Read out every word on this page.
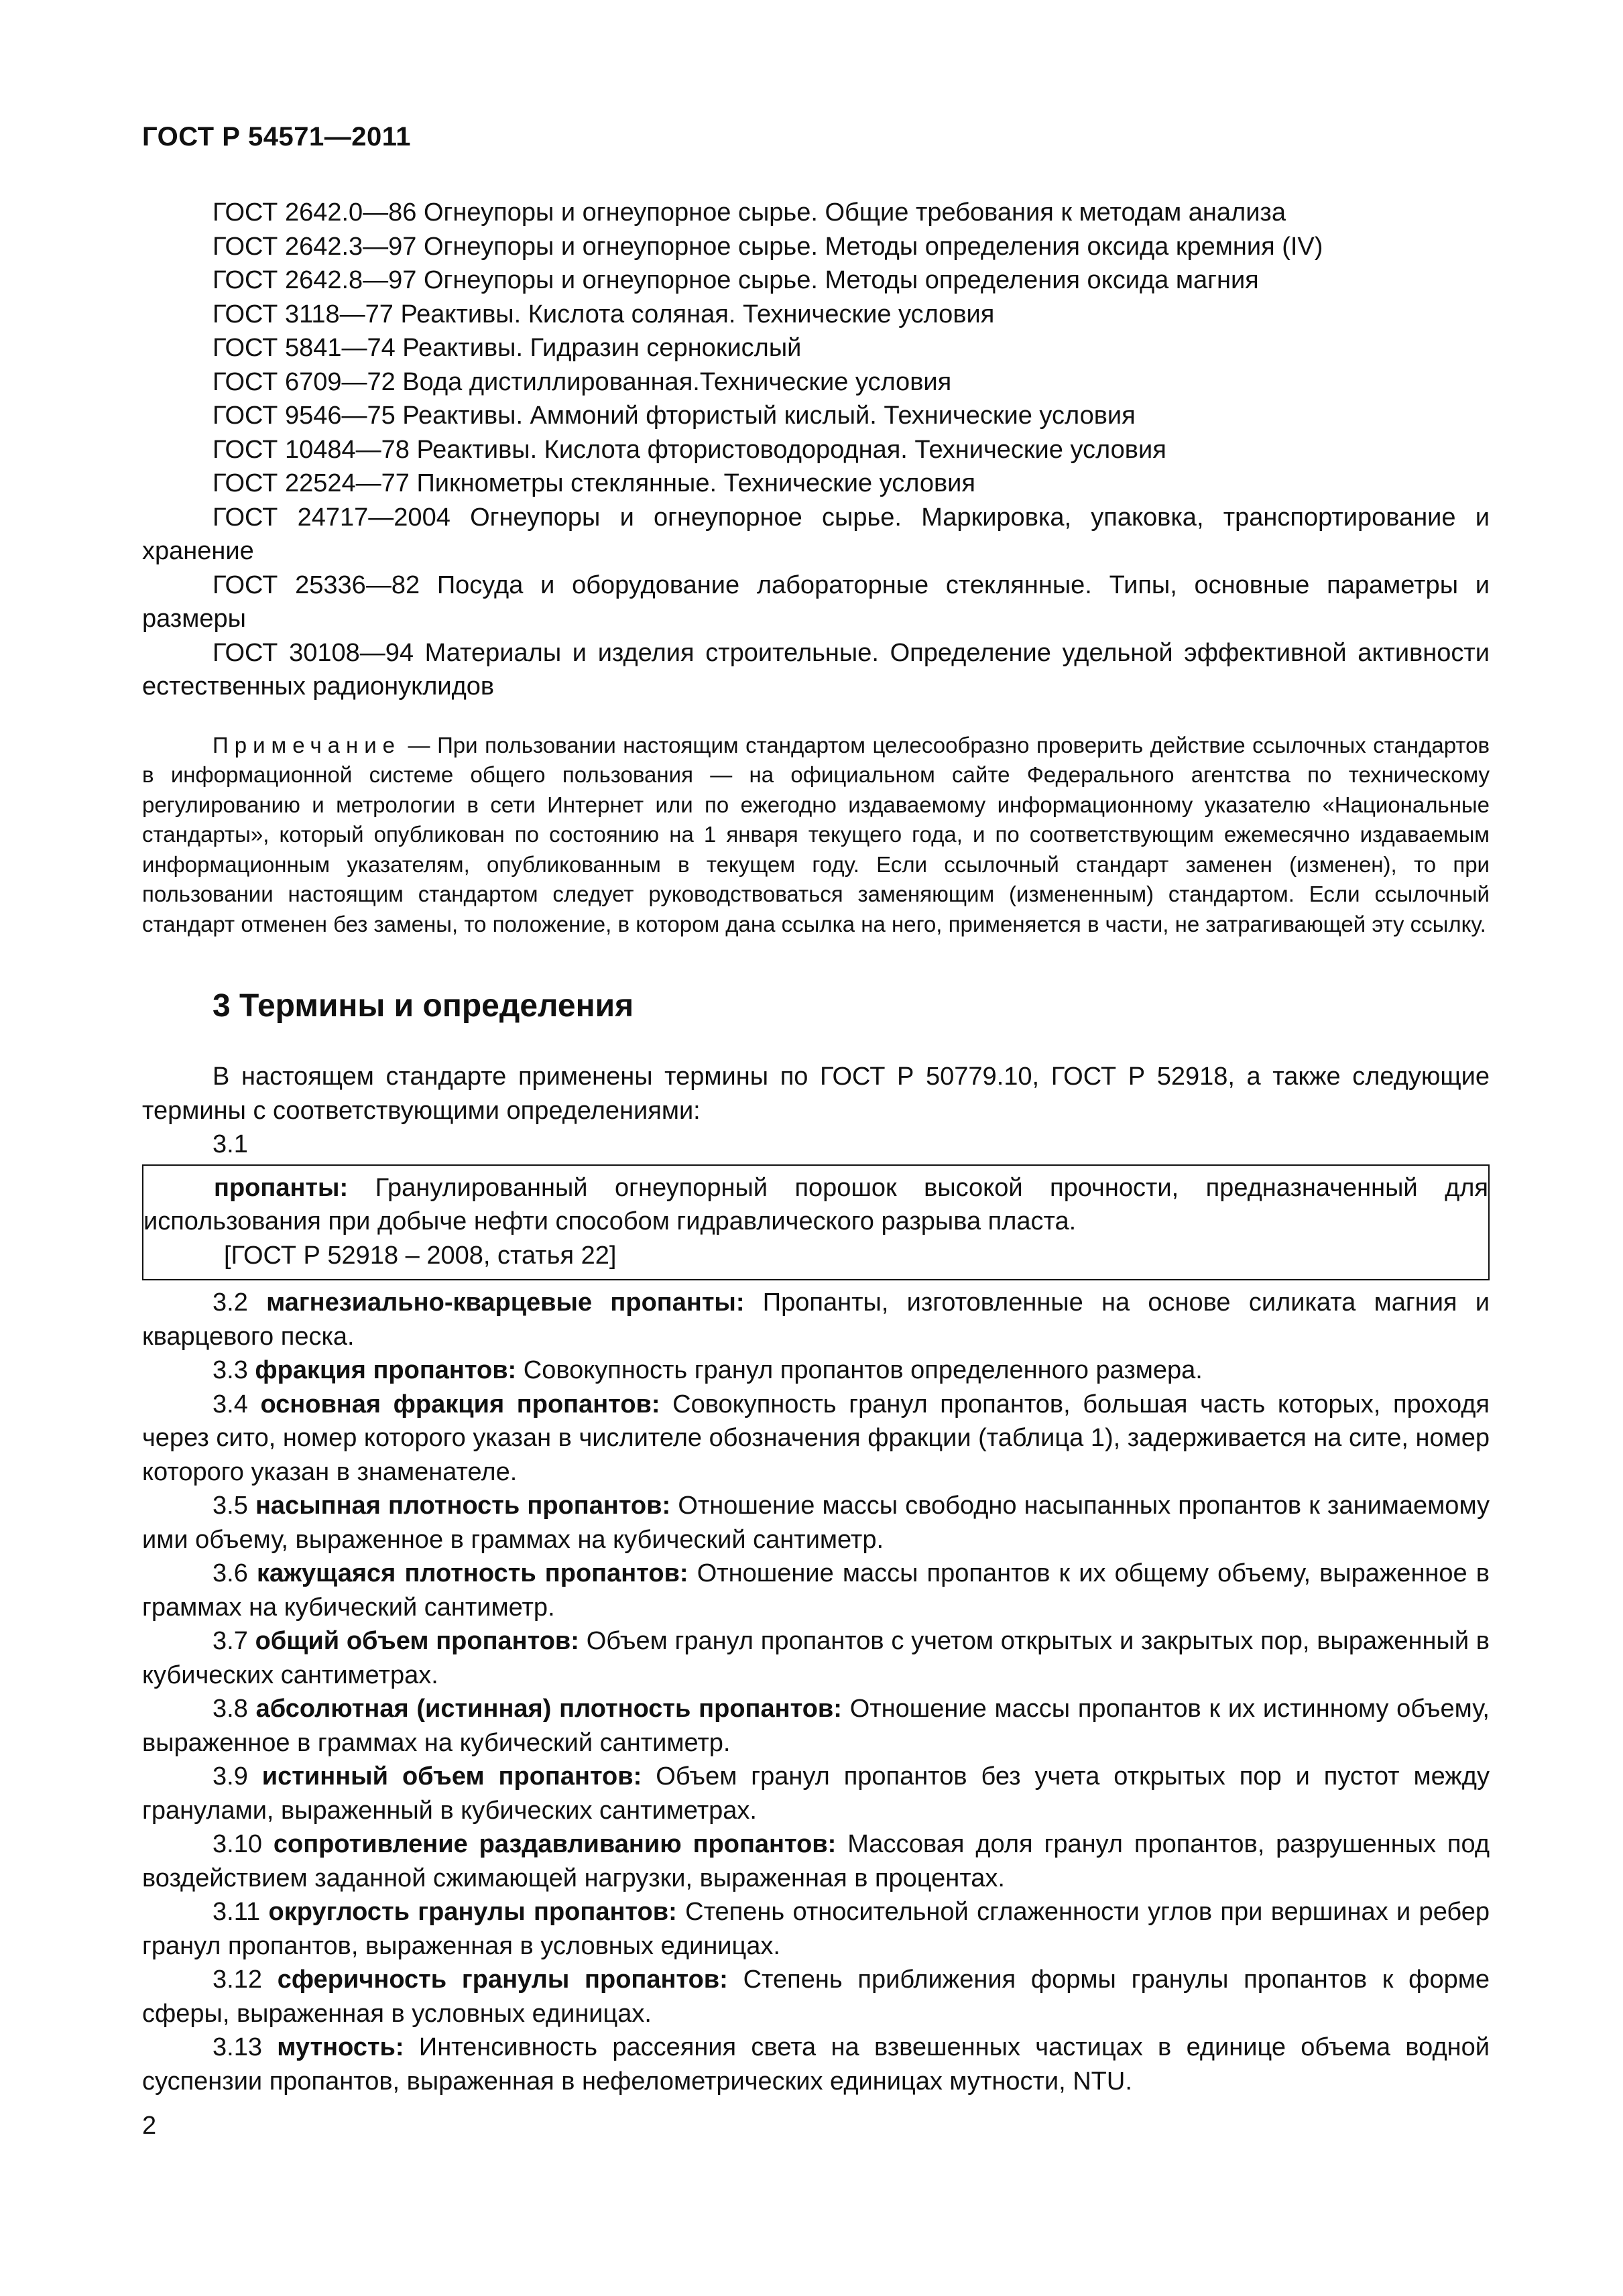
ГОСТ Р 54571—2011

ГОСТ 2642.0—86 Огнеупоры и огнеупорное сырье. Общие требования к методам анализа

ГОСТ 2642.3—97 Огнеупоры и огнеупорное сырье. Методы определения оксида кремния (IV)

ГОСТ 2642.8—97 Огнеупоры и огнеупорное сырье. Методы определения оксида магния

ГОСТ 3118—77 Реактивы. Кислота соляная. Технические условия

ГОСТ 5841—74 Реактивы. Гидразин сернокислый

ГОСТ 6709—72 Вода дистиллированная.Технические условия

ГОСТ 9546—75 Реактивы. Аммоний фтористый кислый. Технические условия

ГОСТ 10484—78 Реактивы. Кислота фтористоводородная. Технические условия

ГОСТ 22524—77 Пикнометры стеклянные. Технические условия

ГОСТ 24717—2004 Огнеупоры и огнеупорное сырье. Маркировка, упаковка, транспортирование и хранение

ГОСТ 25336—82 Посуда и оборудование лабораторные стеклянные. Типы, основные параметры и размеры

ГОСТ 30108—94 Материалы и изделия строительные. Определение удельной эффективной активности естественных радионуклидов

Примечание — При пользовании настоящим стандартом целесообразно проверить действие ссылочных стандартов в информационной системе общего пользования — на официальном сайте Федерального агентства по техническому регулированию и метрологии в сети Интернет или по ежегодно издаваемому информационному указателю «Национальные стандарты», который опубликован по состоянию на 1 января текущего года, и по соответствующим ежемесячно издаваемым информационным указателям, опубликованным в текущем году. Если ссылочный стандарт заменен (изменен), то при пользовании настоящим стандартом следует руководствоваться заменяющим (измененным) стандартом. Если ссылочный стандарт отменен без замены, то положение, в котором дана ссылка на него, применяется в части, не затрагивающей эту ссылку.

3 Термины и определения

В настоящем стандарте применены термины по ГОСТ Р 50779.10, ГОСТ Р 52918, а также следующие термины с соответствующими определениями:

3.1

пропанты: Гранулированный огнеупорный порошок высокой прочности, предназначенный для использования при добыче нефти способом гидравлического разрыва пласта.

[ГОСТ Р 52918 – 2008, статья 22]

3.2 магнезиально-кварцевые пропанты: Пропанты, изготовленные на основе силиката магния и кварцевого песка.

3.3 фракция пропантов: Совокупность гранул пропантов определенного размера.

3.4 основная фракция пропантов: Совокупность гранул пропантов, большая часть которых, проходя через сито, номер которого указан в числителе обозначения фракции (таблица 1), задерживается на сите, номер которого указан в знаменателе.

3.5 насыпная плотность пропантов: Отношение массы свободно насыпанных пропантов к занимаемому ими объему, выраженное в граммах на кубический сантиметр.

3.6 кажущаяся плотность пропантов: Отношение массы пропантов к их общему объему, выраженное в граммах на кубический сантиметр.

3.7 общий объем пропантов: Объем гранул пропантов с учетом открытых и закрытых пор, выраженный в кубических сантиметрах.

3.8 абсолютная (истинная) плотность пропантов: Отношение массы пропантов к их истинному объему, выраженное в граммах на кубический сантиметр.

3.9 истинный объем пропантов: Объем гранул пропантов без учета открытых пор и пустот между гранулами, выраженный в кубических сантиметрах.

3.10 сопротивление раздавливанию пропантов: Массовая доля гранул пропантов, разрушенных под воздействием заданной сжимающей нагрузки, выраженная в процентах.

3.11 округлость гранулы пропантов: Степень относительной сглаженности углов при вершинах и ребер гранул пропантов, выраженная в условных единицах.

3.12 сферичность гранулы пропантов: Степень приближения формы гранулы пропантов к форме сферы, выраженная в условных единицах.

3.13 мутность: Интенсивность рассеяния света на взвешенных частицах в единице объема водной суспензии пропантов, выраженная в нефелометрических единицах мутности, NTU.

2
